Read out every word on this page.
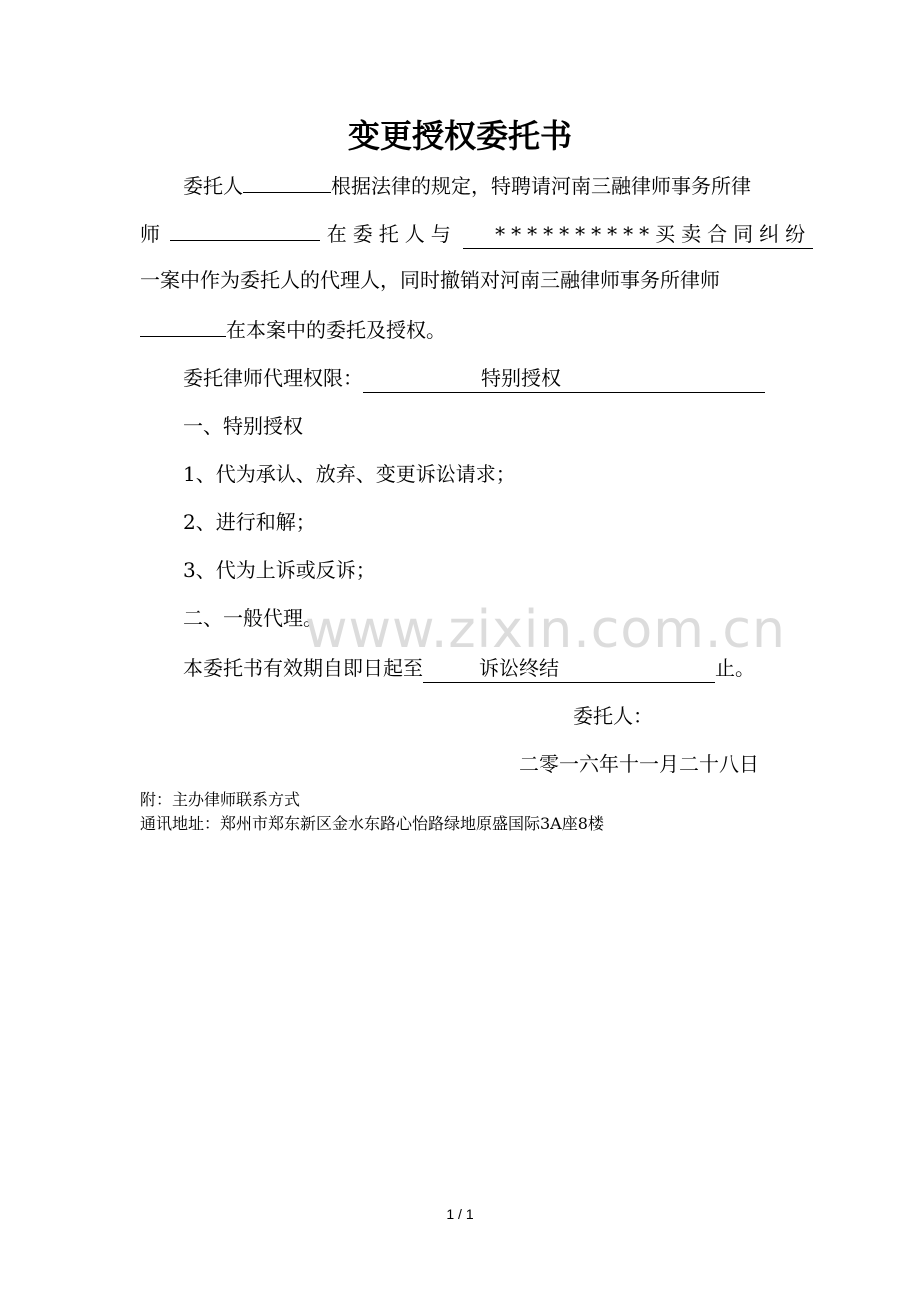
变更授权委托书
委托人	根据法律的规定，特聘请河南三融律师事务所律
师	在委托人与 **********买卖合同纠纷
一案中作为委托人的代理人，同时撤销对河南三融律师事务所律师
在本案中的委托及授权。
委托律师代理权限：	特别授权
一、特别授权
1、代为承认、放弃、变更诉讼请求；
2、进行和解；
3、代为上诉或反诉；
二、一般代理。
www.zixin.com.cn
本委托书有效期自即日起至	诉讼终结	止。
委托人：
二零一六年十一月二十八日
附：主办律师联系方式
通讯地址：郑州市郑东新区金水东路心怡路绿地原盛国际3A座8楼
1 / 1
